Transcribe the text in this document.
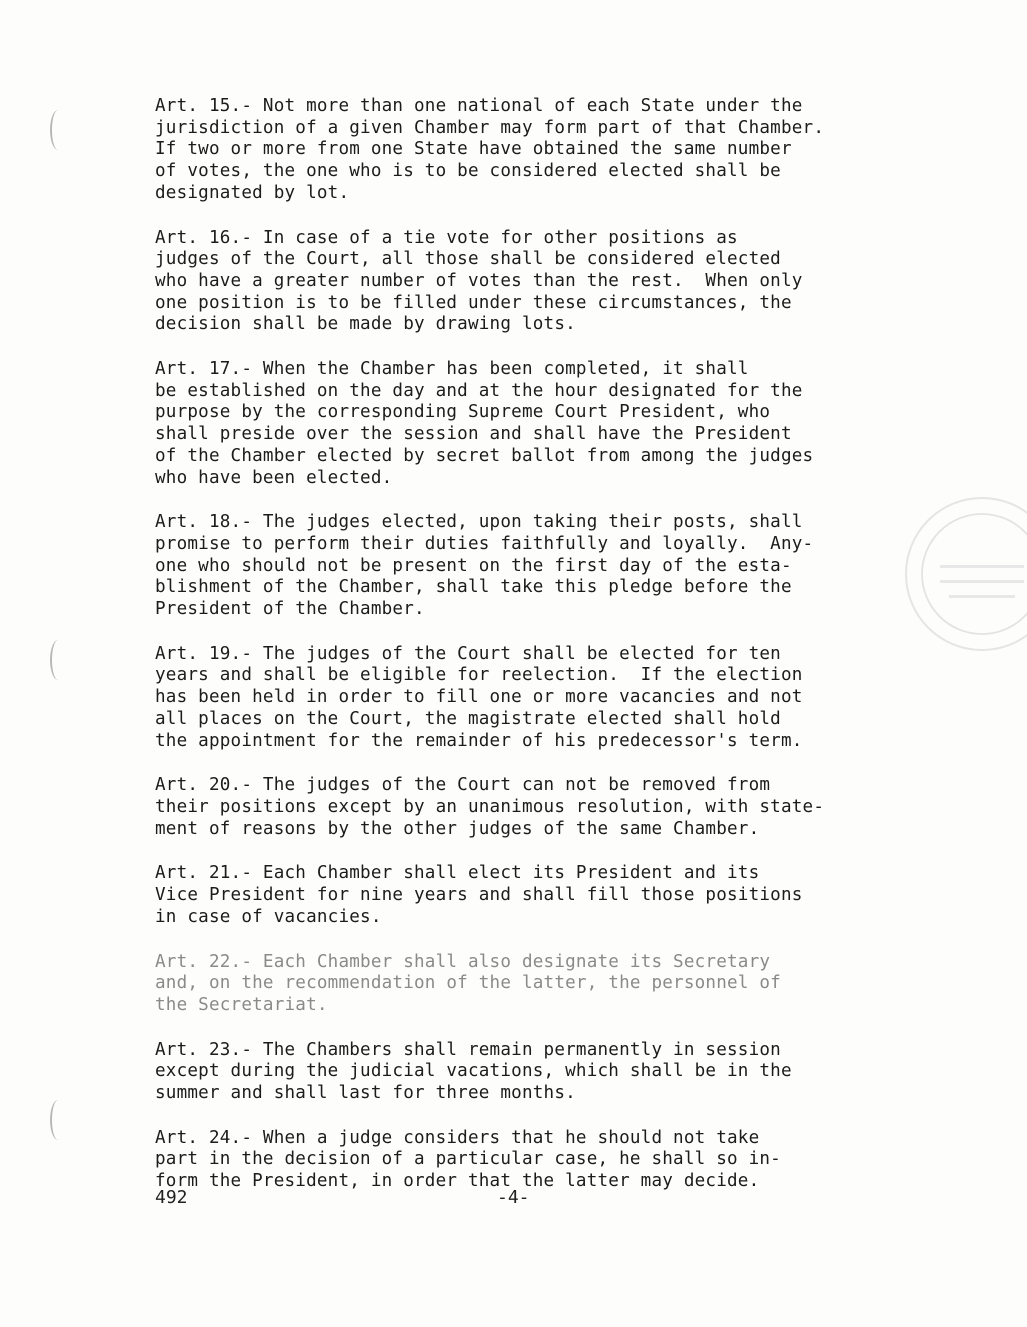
Art. 15.- Not more than one national of each State under the
jurisdiction of a given Chamber may form part of that Chamber.
If two or more from one State have obtained the same number
of votes, the one who is to be considered elected shall be
designated by lot.
Art. 16.- In case of a tie vote for other positions as
judges of the Court, all those shall be considered elected
who have a greater number of votes than the rest.  When only
one position is to be filled under these circumstances, the
decision shall be made by drawing lots.
Art. 17.- When the Chamber has been completed, it shall
be established on the day and at the hour designated for the
purpose by the corresponding Supreme Court President, who
shall preside over the session and shall have the President
of the Chamber elected by secret ballot from among the judges
who have been elected.
Art. 18.- The judges elected, upon taking their posts, shall
promise to perform their duties faithfully and loyally.  Any-
one who should not be present on the first day of the esta-
blishment of the Chamber, shall take this pledge before the
President of the Chamber.
Art. 19.- The judges of the Court shall be elected for ten
years and shall be eligible for reelection.  If the election
has been held in order to fill one or more vacancies and not
all places on the Court, the magistrate elected shall hold
the appointment for the remainder of his predecessor's term.
Art. 20.- The judges of the Court can not be removed from
their positions except by an unanimous resolution, with state-
ment of reasons by the other judges of the same Chamber.
Art. 21.- Each Chamber shall elect its President and its
Vice President for nine years and shall fill those positions
in case of vacancies.
Art. 22.- Each Chamber shall also designate its Secretary
and, on the recommendation of the latter, the personnel of
the Secretariat.
Art. 23.- The Chambers shall remain permanently in session
except during the judicial vacations, which shall be in the
summer and shall last for three months.
Art. 24.- When a judge considers that he should not take
part in the decision of a particular case, he shall so in-
form the President, in order that the latter may decide.
492	-4-
